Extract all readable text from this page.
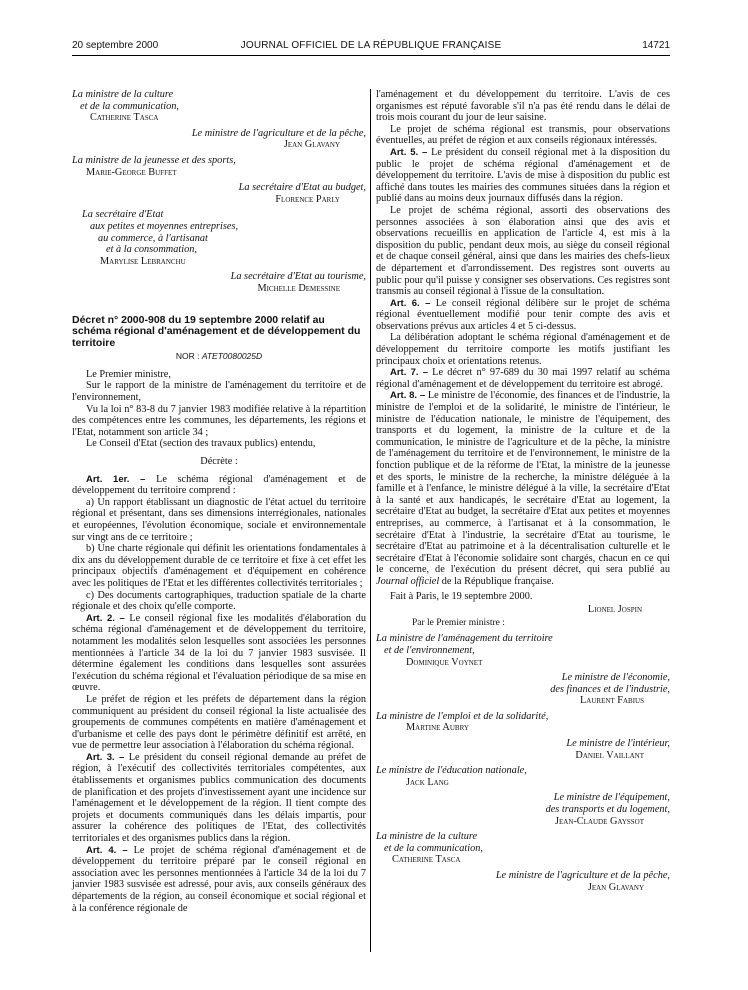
20 septembre 2000	JOURNAL OFFICIEL DE LA RÉPUBLIQUE FRANÇAISE	14721
La ministre de la culture
et de la communication,
Catherine Tasca
Le ministre de l'agriculture et de la pêche,
Jean Glavany
La ministre de la jeunesse et des sports,
Marie-George Buffet
La secrétaire d'Etat au budget,
Florence Parly
La secrétaire d'Etat
aux petites et moyennes entreprises,
au commerce, à l'artisanat
et à la consommation,
Marylise Lebranchu
La secrétaire d'Etat au tourisme,
Michelle Demessine

Décret n° 2000-908 du 19 septembre 2000 relatif au schéma régional d'aménagement et de développement du territoire

NOR : ATET0080025D

Le Premier ministre,

Sur le rapport de la ministre de l'aménagement du territoire et de l'environnement,

Vu la loi n° 83-8 du 7 janvier 1983 modifiée relative à la répartition des compétences entre les communes, les départements, les régions et l'Etat, notamment son article 34 ;

Le Conseil d'Etat (section des travaux publics) entendu,

Décrète :

Art. 1er. – Le schéma régional d'aménagement et de développement du territoire comprend :

a) Un rapport établissant un diagnostic de l'état actuel du territoire régional et présentant, dans ses dimensions interrégionales, nationales et européennes, l'évolution économique, sociale et environnementale sur vingt ans de ce territoire ;

b) Une charte régionale qui définit les orientations fondamentales à dix ans du développement durable de ce territoire et fixe à cet effet les principaux objectifs d'aménagement et d'équipement en cohérence avec les politiques de l'Etat et les différentes collectivités territoriales ;

c) Des documents cartographiques, traduction spatiale de la charte régionale et des choix qu'elle comporte.

Art. 2. – Le conseil régional fixe les modalités d'élaboration du schéma régional d'aménagement et de développement du territoire, notamment les modalités selon lesquelles sont associées les personnes mentionnées à l'article 34 de la loi du 7 janvier 1983 susvisée. Il détermine également les conditions dans lesquelles sont assurées l'exécution du schéma régional et l'évaluation périodique de sa mise en œuvre.

Le préfet de région et les préfets de département dans la région communiquent au président du conseil régional la liste actualisée des groupements de communes compétents en matière d'aménagement et d'urbanisme et celle des pays dont le périmètre définitif est arrêté, en vue de permettre leur association à l'élaboration du schéma régional.

Art. 3. – Le président du conseil régional demande au préfet de région, à l'exécutif des collectivités territoriales compétentes, aux établissements et organismes publics communication des documents de planification et des projets d'investissement ayant une incidence sur l'aménagement et le développement de la région. Il tient compte des projets et documents communiqués dans les délais impartis, pour assurer la cohérence des politiques de l'Etat, des collectivités territoriales et des organismes publics dans la région.

Art. 4. – Le projet de schéma régional d'aménagement et de développement du territoire préparé par le conseil régional en association avec les personnes mentionnées à l'article 34 de la loi du 7 janvier 1983 susvisée est adressé, pour avis, aux conseils généraux des départements de la région, au conseil économique et social régional et à la conférence régionale de

l'aménagement et du développement du territoire. L'avis de ces organismes est réputé favorable s'il n'a pas été rendu dans le délai de trois mois courant du jour de leur saisine.

Le projet de schéma régional est transmis, pour observations éventuelles, au préfet de région et aux conseils régionaux intéressés.

Art. 5. – Le président du conseil régional met à la disposition du public le projet de schéma régional d'aménagement et de développement du territoire. L'avis de mise à disposition du public est affiché dans toutes les mairies des communes situées dans la région et publié dans au moins deux journaux diffusés dans la région.

Le projet de schéma régional, assorti des observations des personnes associées à son élaboration ainsi que des avis et observations recueillis en application de l'article 4, est mis à la disposition du public, pendant deux mois, au siège du conseil régional et de chaque conseil général, ainsi que dans les mairies des chefs-lieux de département et d'arrondissement. Des registres sont ouverts au public pour qu'il puisse y consigner ses observations. Ces registres sont transmis au conseil régional à l'issue de la consultation.

Art. 6. – Le conseil régional délibère sur le projet de schéma régional éventuellement modifié pour tenir compte des avis et observations prévus aux articles 4 et 5 ci-dessus.

La délibération adoptant le schéma régional d'aménagement et de développement du territoire comporte les motifs justifiant les principaux choix et orientations retenus.

Art. 7. – Le décret n° 97-689 du 30 mai 1997 relatif au schéma régional d'aménagement et de développement du territoire est abrogé.

Art. 8. – Le ministre de l'économie, des finances et de l'industrie, la ministre de l'emploi et de la solidarité, le ministre de l'intérieur, le ministre de l'éducation nationale, le ministre de l'équipement, des transports et du logement, la ministre de la culture et de la communication, le ministre de l'agriculture et de la pêche, la ministre de l'aménagement du territoire et de l'environnement, le ministre de la fonction publique et de la réforme de l'Etat, la ministre de la jeunesse et des sports, le ministre de la recherche, la ministre déléguée à la famille et à l'enfance, le ministre délégué à la ville, la secrétaire d'Etat à la santé et aux handicapés, le secrétaire d'Etat au logement, la secrétaire d'Etat au budget, la secrétaire d'Etat aux petites et moyennes entreprises, au commerce, à l'artisanat et à la consommation, le secrétaire d'Etat à l'industrie, la secrétaire d'Etat au tourisme, le secrétaire d'Etat au patrimoine et à la décentralisation culturelle et le secrétaire d'Etat à l'économie solidaire sont chargés, chacun en ce qui le concerne, de l'exécution du présent décret, qui sera publié au Journal officiel de la République française.

Fait à Paris, le 19 septembre 2000.

Lionel Jospin

Par le Premier ministre :

La ministre de l'aménagement du territoire
et de l'environnement,
Dominique Voynet
Le ministre de l'économie,
des finances et de l'industrie,
Laurent Fabius
La ministre de l'emploi et de la solidarité,
Martine Aubry
Le ministre de l'intérieur,
Daniel Vaillant
Le ministre de l'éducation nationale,
Jack Lang
Le ministre de l'équipement,
des transports et du logement,
Jean-Claude Gayssot
La ministre de la culture
et de la communication,
Catherine Tasca
Le ministre de l'agriculture et de la pêche,
Jean Glavany
